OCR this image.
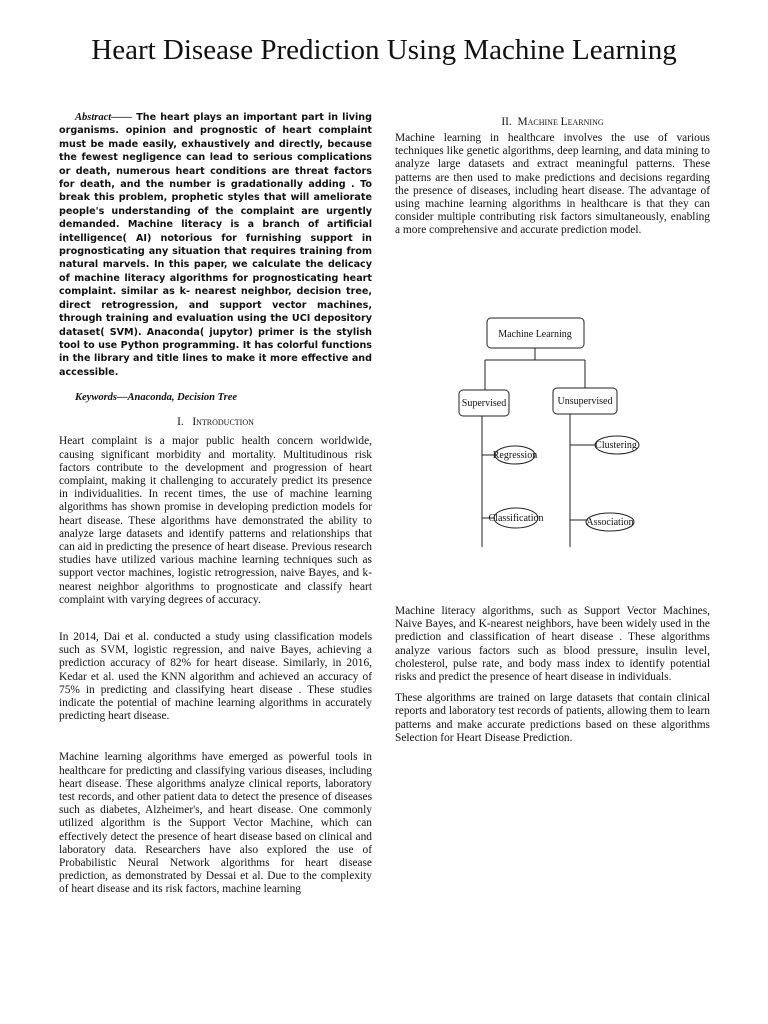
Heart Disease Prediction Using Machine Learning

Abstract—— The heart plays an important part in living organisms. opinion and prognostic of heart complaint must be made easily, exhaustively and directly, because the fewest negligence can lead to serious complications or death, numerous heart conditions are threat factors for death, and the number is gradationally adding . To break this problem, prophetic styles that will ameliorate people's understanding of the complaint are urgently demanded. Machine literacy is a branch of artificial intelligence( AI) notorious for furnishing support in prognosticating any situation that requires training from natural marvels. In this paper, we calculate the delicacy of machine literacy algorithms for prognosticating heart complaint. similar as k- nearest neighbor, decision tree, direct retrogression, and support vector machines, through training and evaluation using the UCI depository dataset( SVM). Anaconda( jupytor) primer is the stylish tool to use Python programming. It has colorful functions in the library and title lines to make it more effective and accessible.

Keywords—Anaconda, Decision Tree

I. Introduction

Heart complaint is a major public health concern worldwide, causing significant morbidity and mortality. Multitudinous risk factors contribute to the development and progression of heart complaint, making it challenging to accurately predict its presence in individualities. In recent times, the use of machine learning algorithms has shown promise in developing prediction models for heart disease. These algorithms have demonstrated the ability to analyze large datasets and identify patterns and relationships that can aid in predicting the presence of heart disease. Previous research studies have utilized various machine learning techniques such as support vector machines, logistic retrogression, naive Bayes, and k-nearest neighbor algorithms to prognosticate and classify heart complaint with varying degrees of accuracy.

In 2014, Dai et al. conducted a study using classification models such as SVM, logistic regression, and naive Bayes, achieving a prediction accuracy of 82% for heart disease. Similarly, in 2016, Kedar et al. used the KNN algorithm and achieved an accuracy of 75% in predicting and classifying heart disease . These studies indicate the potential of machine learning algorithms in accurately predicting heart disease.

Machine learning algorithms have emerged as powerful tools in healthcare for predicting and classifying various diseases, including heart disease. These algorithms analyze clinical reports, laboratory test records, and other patient data to detect the presence of diseases such as diabetes, Alzheimer's, and heart disease. One commonly utilized algorithm is the Support Vector Machine, which can effectively detect the presence of heart disease based on clinical and laboratory data. Researchers have also explored the use of Probabilistic Neural Network algorithms for heart disease prediction, as demonstrated by Dessai et al. Due to the complexity of heart disease and its risk factors, machine learning

II. Machine Learning

Machine learning in healthcare involves the use of various techniques like genetic algorithms, deep learning, and data mining to analyze large datasets and extract meaningful patterns. These patterns are then used to make predictions and decisions regarding the presence of diseases, including heart disease. The advantage of using machine learning algorithms in healthcare is that they can consider multiple contributing risk factors simultaneously, enabling a more comprehensive and accurate prediction model.

Machine Learning
Supervised	Unsupervised
Regression
Classification
Clustering
Association

Machine literacy algorithms, such as Support Vector Machines, Naive Bayes, and K-nearest neighbors, have been widely used in the prediction and classification of heart disease . These algorithms analyze various factors such as blood pressure, insulin level, cholesterol, pulse rate, and body mass index to identify potential risks and predict the presence of heart disease in individuals.

These algorithms are trained on large datasets that contain clinical reports and laboratory test records of patients, allowing them to learn patterns and make accurate predictions based on these algorithms Selection for Heart Disease Prediction.
